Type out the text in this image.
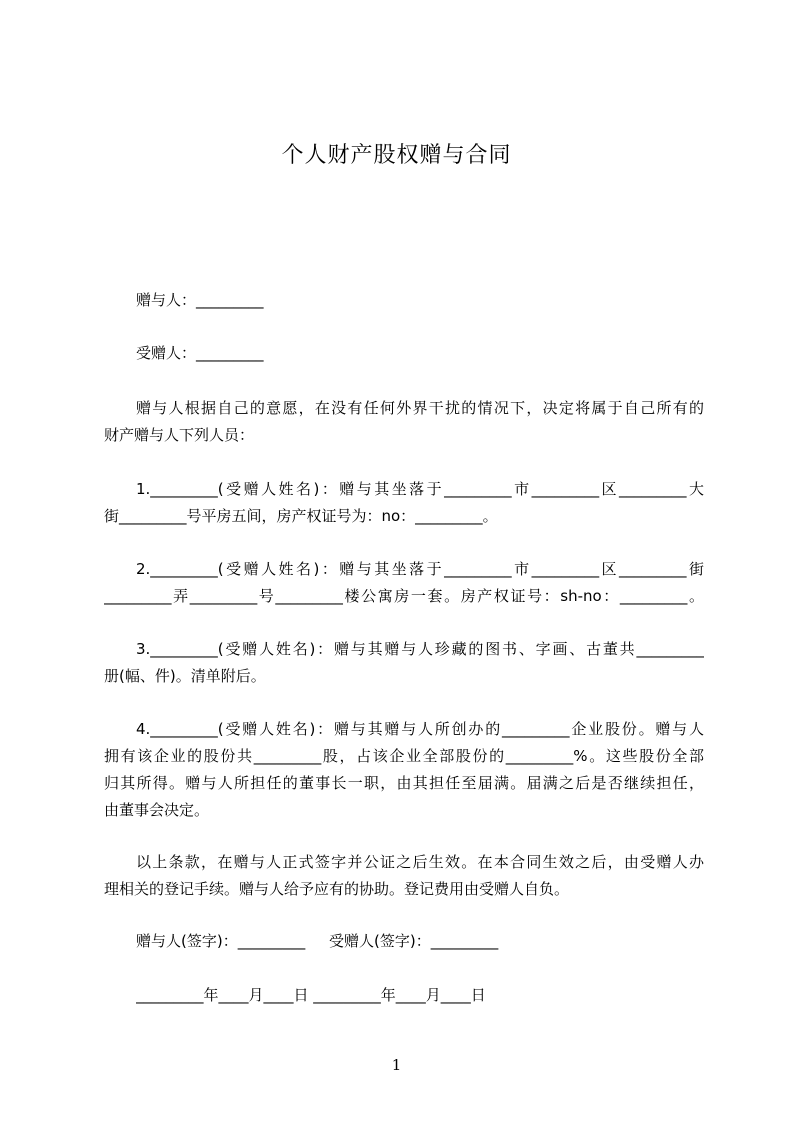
个人财产股权赠与合同
赠与人：_________
受赠人：_________
赠与人根据自己的意愿，在没有任何外界干扰的情况下，决定将属于自己所有的
财产赠与人下列人员：
1._________(受赠人姓名)：赠与其坐落于_________市_________区_________大
街_________号平房五间，房产权证号为：no：_________。
2._________(受赠人姓名)：赠与其坐落于_________市_________区_________街
_________弄_________号_________楼公寓房一套。房产权证号：sh-no：_________。
3._________(受赠人姓名)：赠与其赠与人珍藏的图书、字画、古董共_________
册(幅、件)。清单附后。
4._________(受赠人姓名)：赠与其赠与人所创办的_________企业股份。赠与人
拥有该企业的股份共_________股，占该企业全部股份的_________%。这些股份全部
归其所得。赠与人所担任的董事长一职，由其担任至届满。届满之后是否继续担任，
由董事会决定。
以上条款，在赠与人正式签字并公证之后生效。在本合同生效之后，由受赠人办
理相关的登记手续。赠与人给予应有的协助。登记费用由受赠人自负。
赠与人(签字)：_________     受赠人(签字)：_________
_________年____月____日 _________年____月____日
1
